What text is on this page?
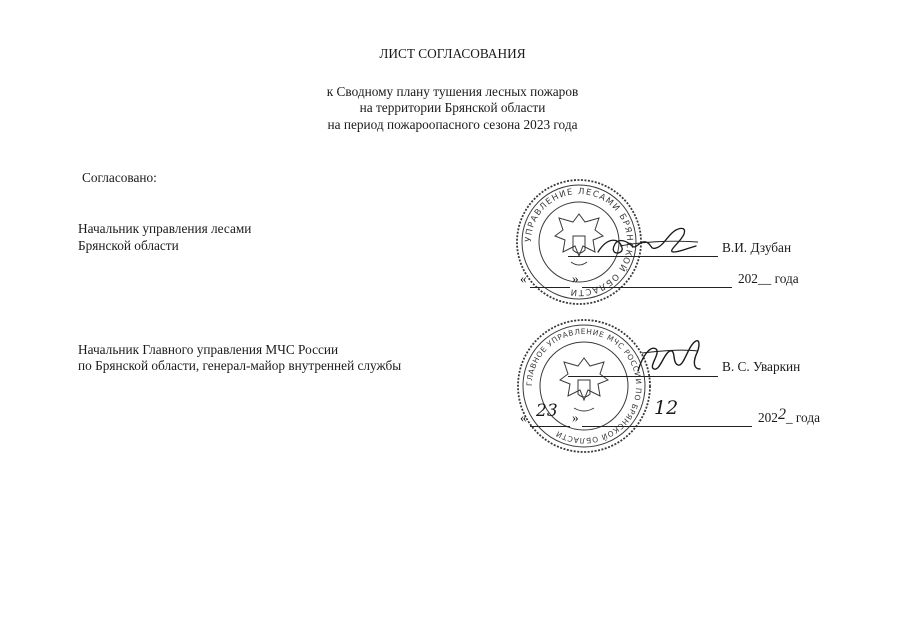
ЛИСТ СОГЛАСОВАНИЯ
к Сводному плану тушения лесных пожаров
на территории Брянской области
на период пожароопасного сезона 2023 года
Согласовано:
Начальник управления лесами
Брянской области	УПРАВЛЕНИЕ ЛЕСАМИ БРЯНСКОЙ ОБЛАСТИ
В.И. Дзубан
«	»	202__ года
Начальник Главного управления МЧС России
по Брянской области, генерал-майор внутренней службы
ГЛАВНОЕ УПРАВЛЕНИЕ МЧС РОССИИ ПО БРЯНСКОЙ ОБЛАСТИ
В. С. Уваркин
« 23 »	12	2022_ года
